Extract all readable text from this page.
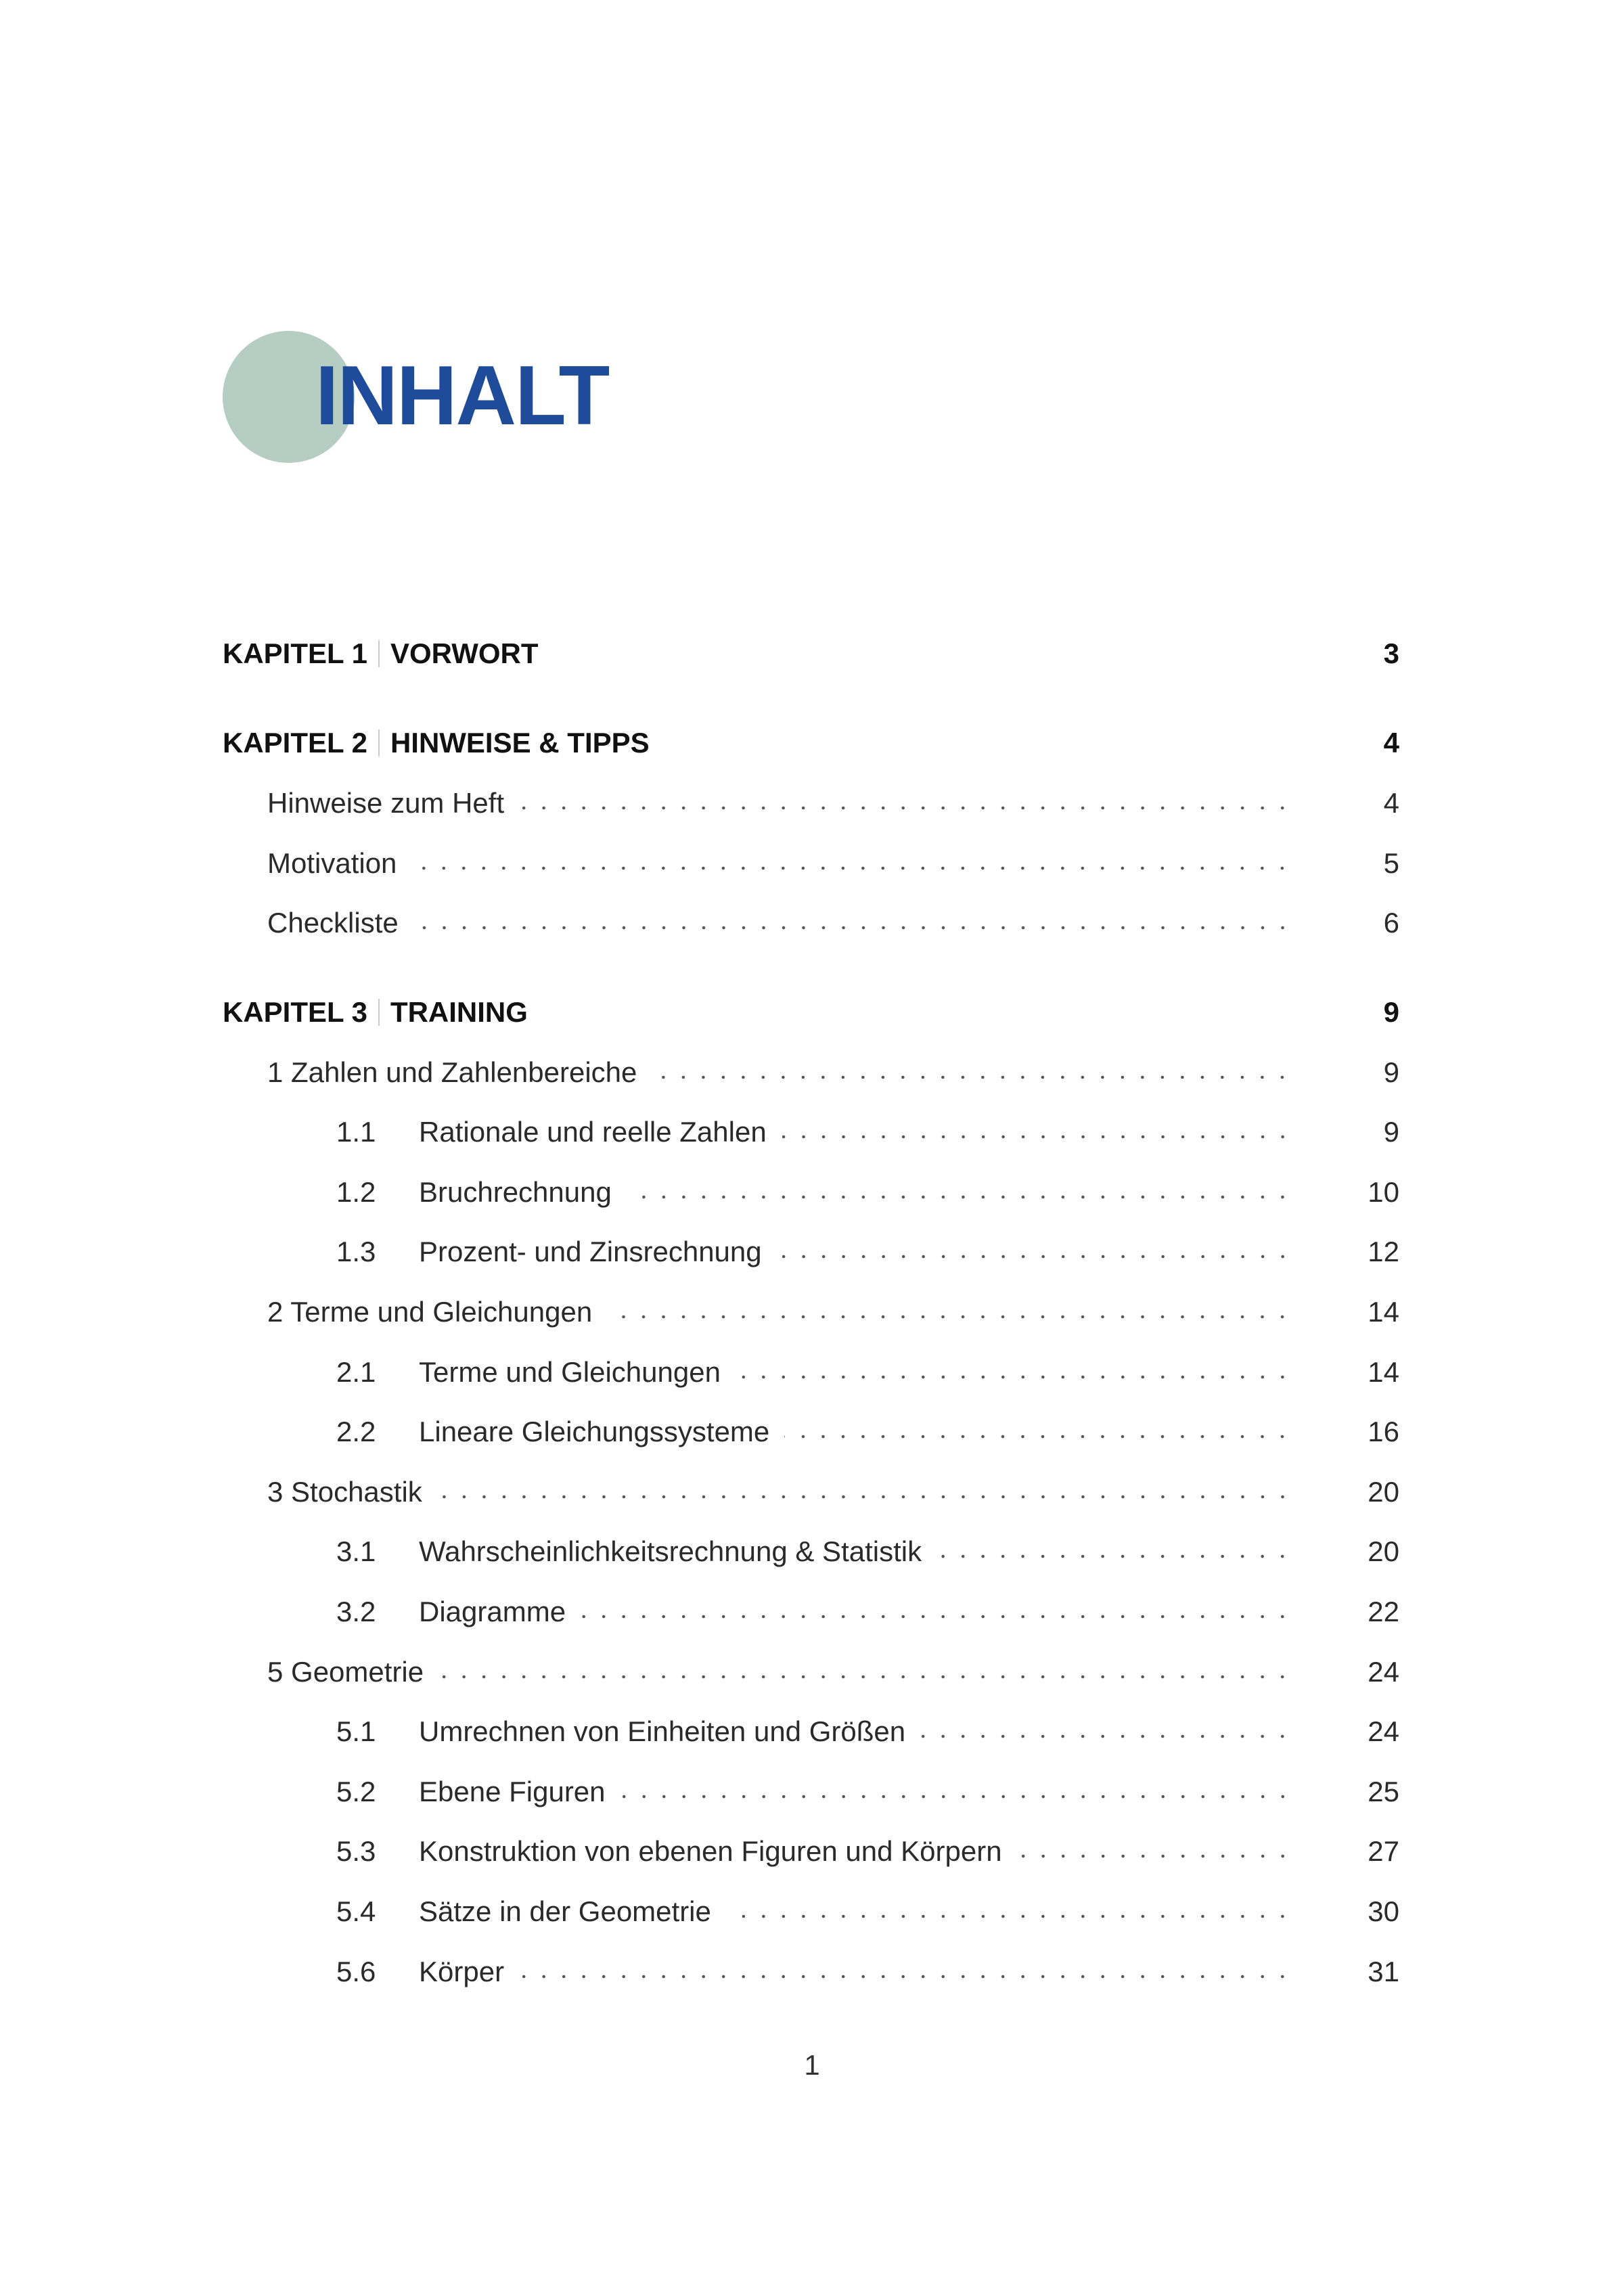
INHALT
KAPITEL 1 VORWORT	3
KAPITEL 2 HINWEISE & TIPPS	4
Hinweise zum Heft	4
Motivation	5
Checkliste	6
KAPITEL 3 TRAINING	9
1 Zahlen und Zahlenbereiche	9
1.1	Rationale und reelle Zahlen	9
1.2	Bruchrechnung	10
1.3	Prozent- und Zinsrechnung	12
2 Terme und Gleichungen	14
2.1	Terme und Gleichungen	14
2.2	Lineare Gleichungssysteme	16
3 Stochastik	20
3.1	Wahrscheinlichkeitsrechnung & Statistik	20
3.2	Diagramme	22
5 Geometrie	24
5.1	Umrechnen von Einheiten und Größen	24
5.2	Ebene Figuren	25
5.3	Konstruktion von ebenen Figuren und Körpern	27
5.4	Sätze in der Geometrie	30
5.6	Körper	31
1
